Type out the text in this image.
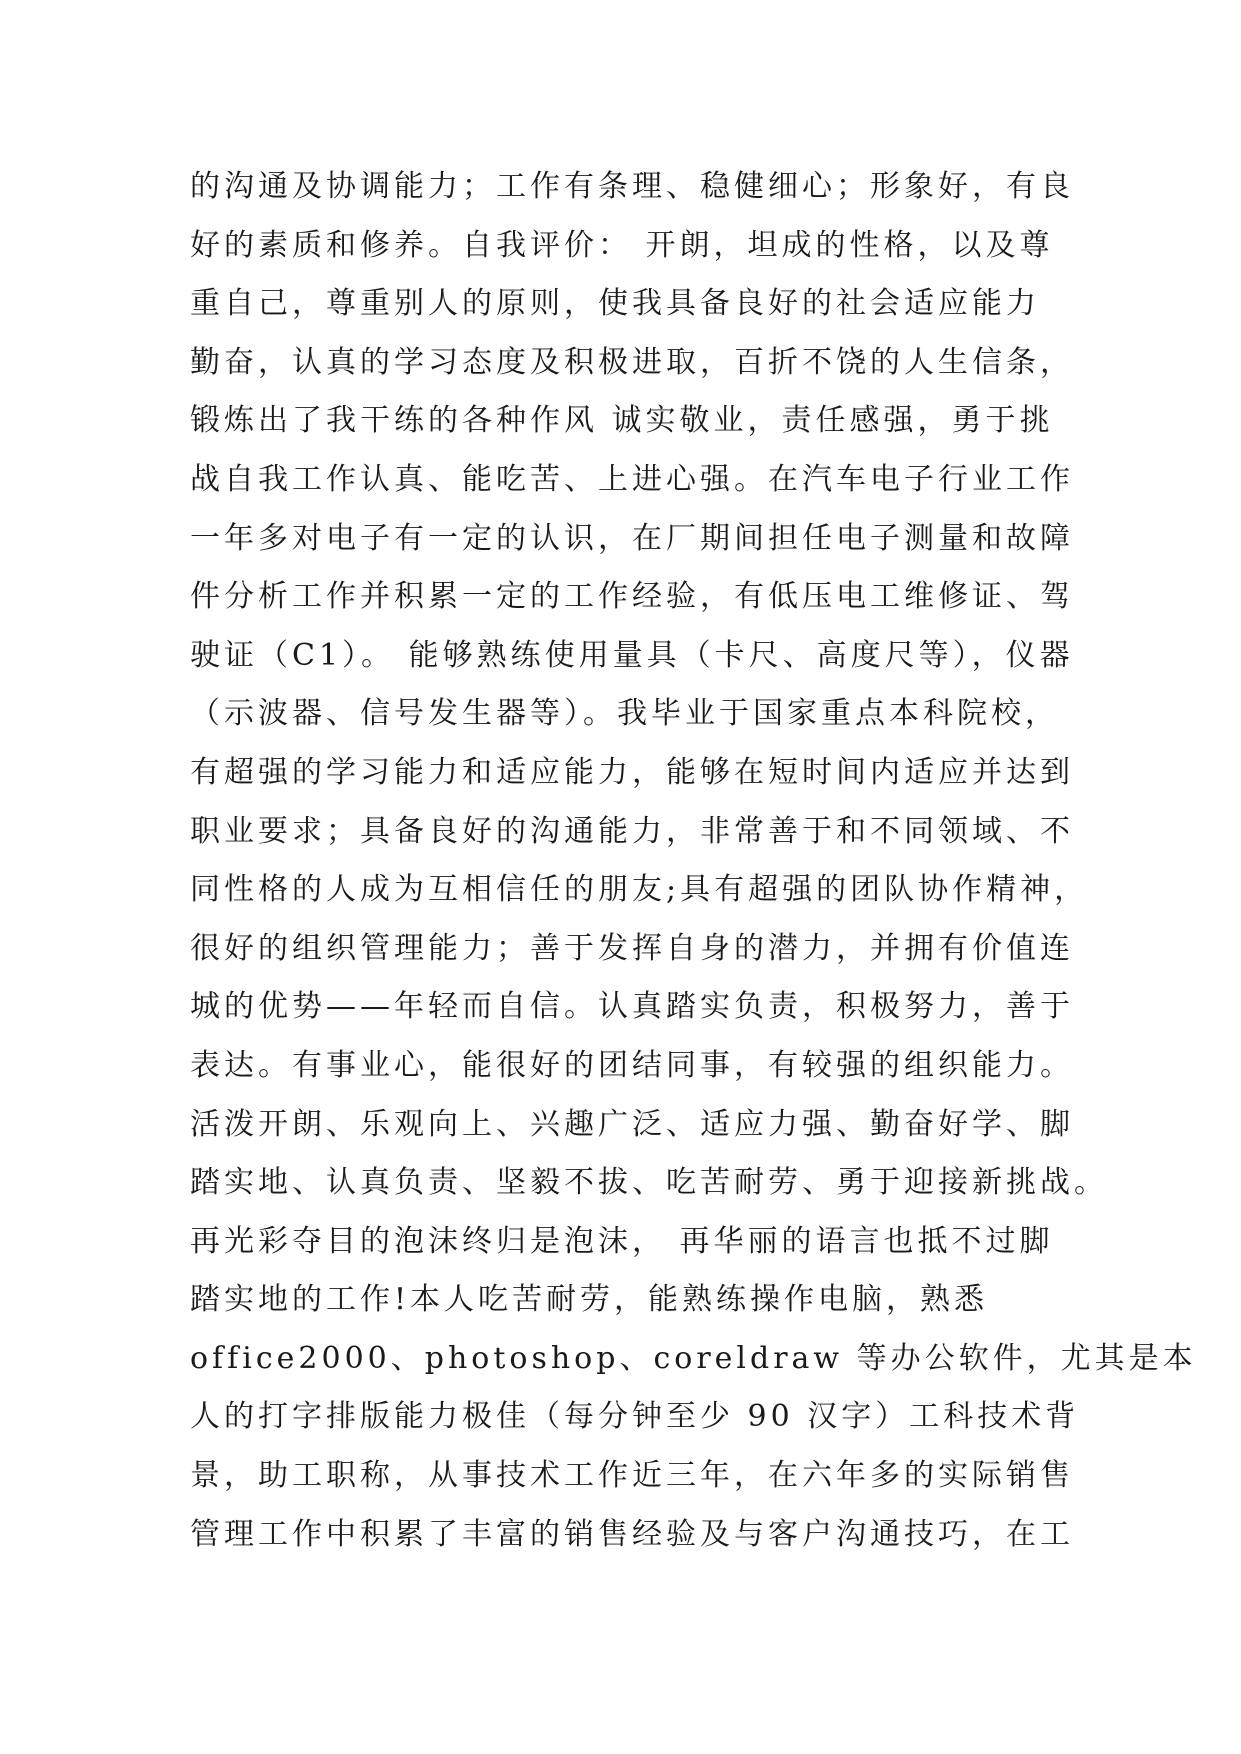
的沟通及协调能力；工作有条理、稳健细心；形象好，有良
好的素质和修养。自我评价： 开朗，坦成的性格，以及尊
重自己，尊重别人的原则，使我具备良好的社会适应能力
勤奋，认真的学习态度及积极进取，百折不饶的人生信条，
锻炼出了我干练的各种作风 诚实敬业，责任感强，勇于挑
战自我工作认真、能吃苦、上进心强。在汽车电子行业工作
一年多对电子有一定的认识，在厂期间担任电子测量和故障
件分析工作并积累一定的工作经验，有低压电工维修证、驾
驶证（C1）。 能够熟练使用量具（卡尺、高度尺等），仪器
（示波器、信号发生器等）。我毕业于国家重点本科院校，
有超强的学习能力和适应能力，能够在短时间内适应并达到
职业要求；具备良好的沟通能力，非常善于和不同领域、不
同性格的人成为互相信任的朋友;具有超强的团队协作精神，
很好的组织管理能力；善于发挥自身的潜力，并拥有价值连
城的优势——年轻而自信。认真踏实负责，积极努力，善于
表达。有事业心，能很好的团结同事，有较强的组织能力。
活泼开朗、乐观向上、兴趣广泛、适应力强、勤奋好学、脚
踏实地、认真负责、坚毅不拔、吃苦耐劳、勇于迎接新挑战。
再光彩夺目的泡沫终归是泡沫， 再华丽的语言也抵不过脚
踏实地的工作!本人吃苦耐劳，能熟练操作电脑，熟悉
office2000、photoshop、coreldraw 等办公软件，尤其是本
人的打字排版能力极佳（每分钟至少 90 汉字）工科技术背
景，助工职称，从事技术工作近三年，在六年多的实际销售
管理工作中积累了丰富的销售经验及与客户沟通技巧，在工
